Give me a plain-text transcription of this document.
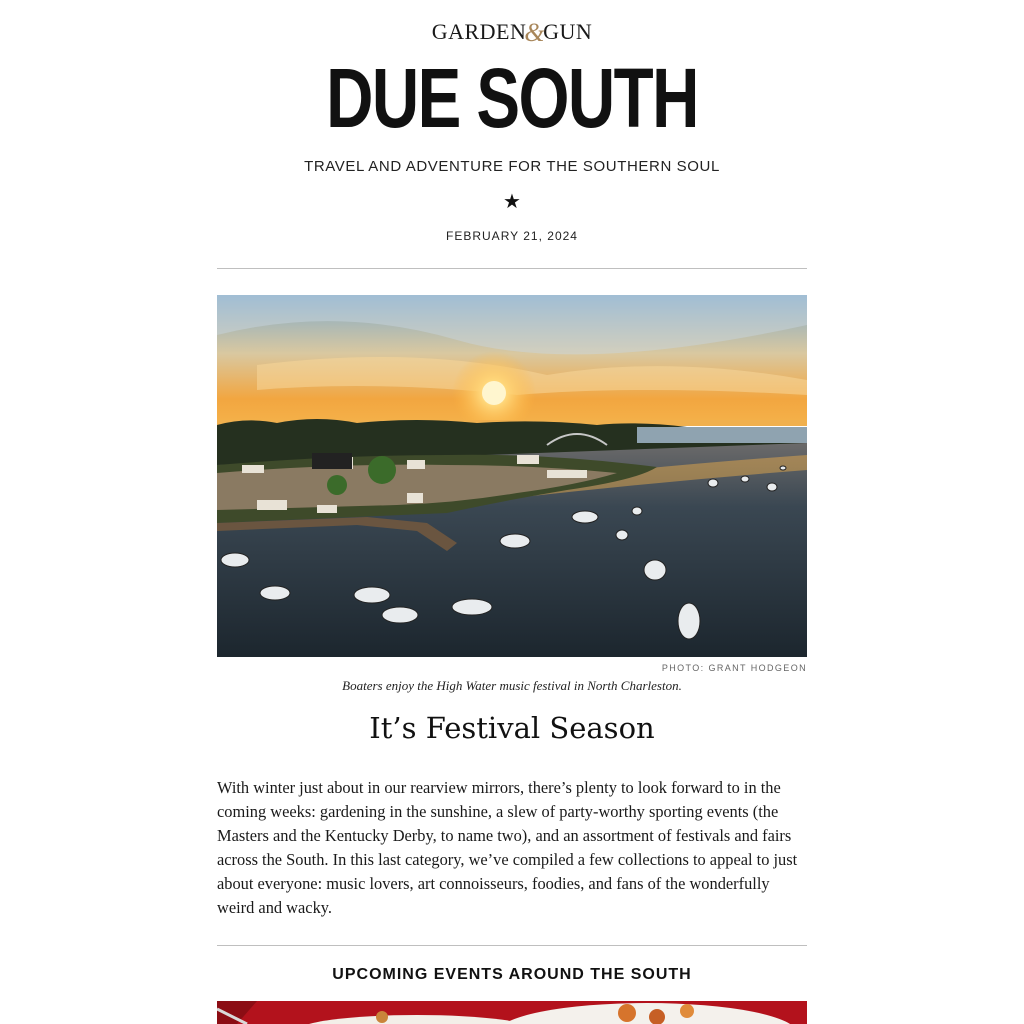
GARDEN&GUN
DUE SOUTH
TRAVEL AND ADVENTURE FOR THE SOUTHERN SOUL
★
FEBRUARY 21, 2024
PHOTO: GRANT HODGEON
Boaters enjoy the High Water music festival in North Charleston.
It’s Festival Season

With winter just about in our rearview mirrors, there’s plenty to look forward to in the coming weeks: gardening in the sunshine, a slew of party-worthy sporting events (the Masters and the Kentucky Derby, to name two), and an assortment of festivals and fairs across the South. In this last category, we’ve compiled a few collections to appeal to just about everyone: music lovers, art connoisseurs, foodies, and fans of the wonderfully weird and wacky.

UPCOMING EVENTS AROUND THE SOUTH
